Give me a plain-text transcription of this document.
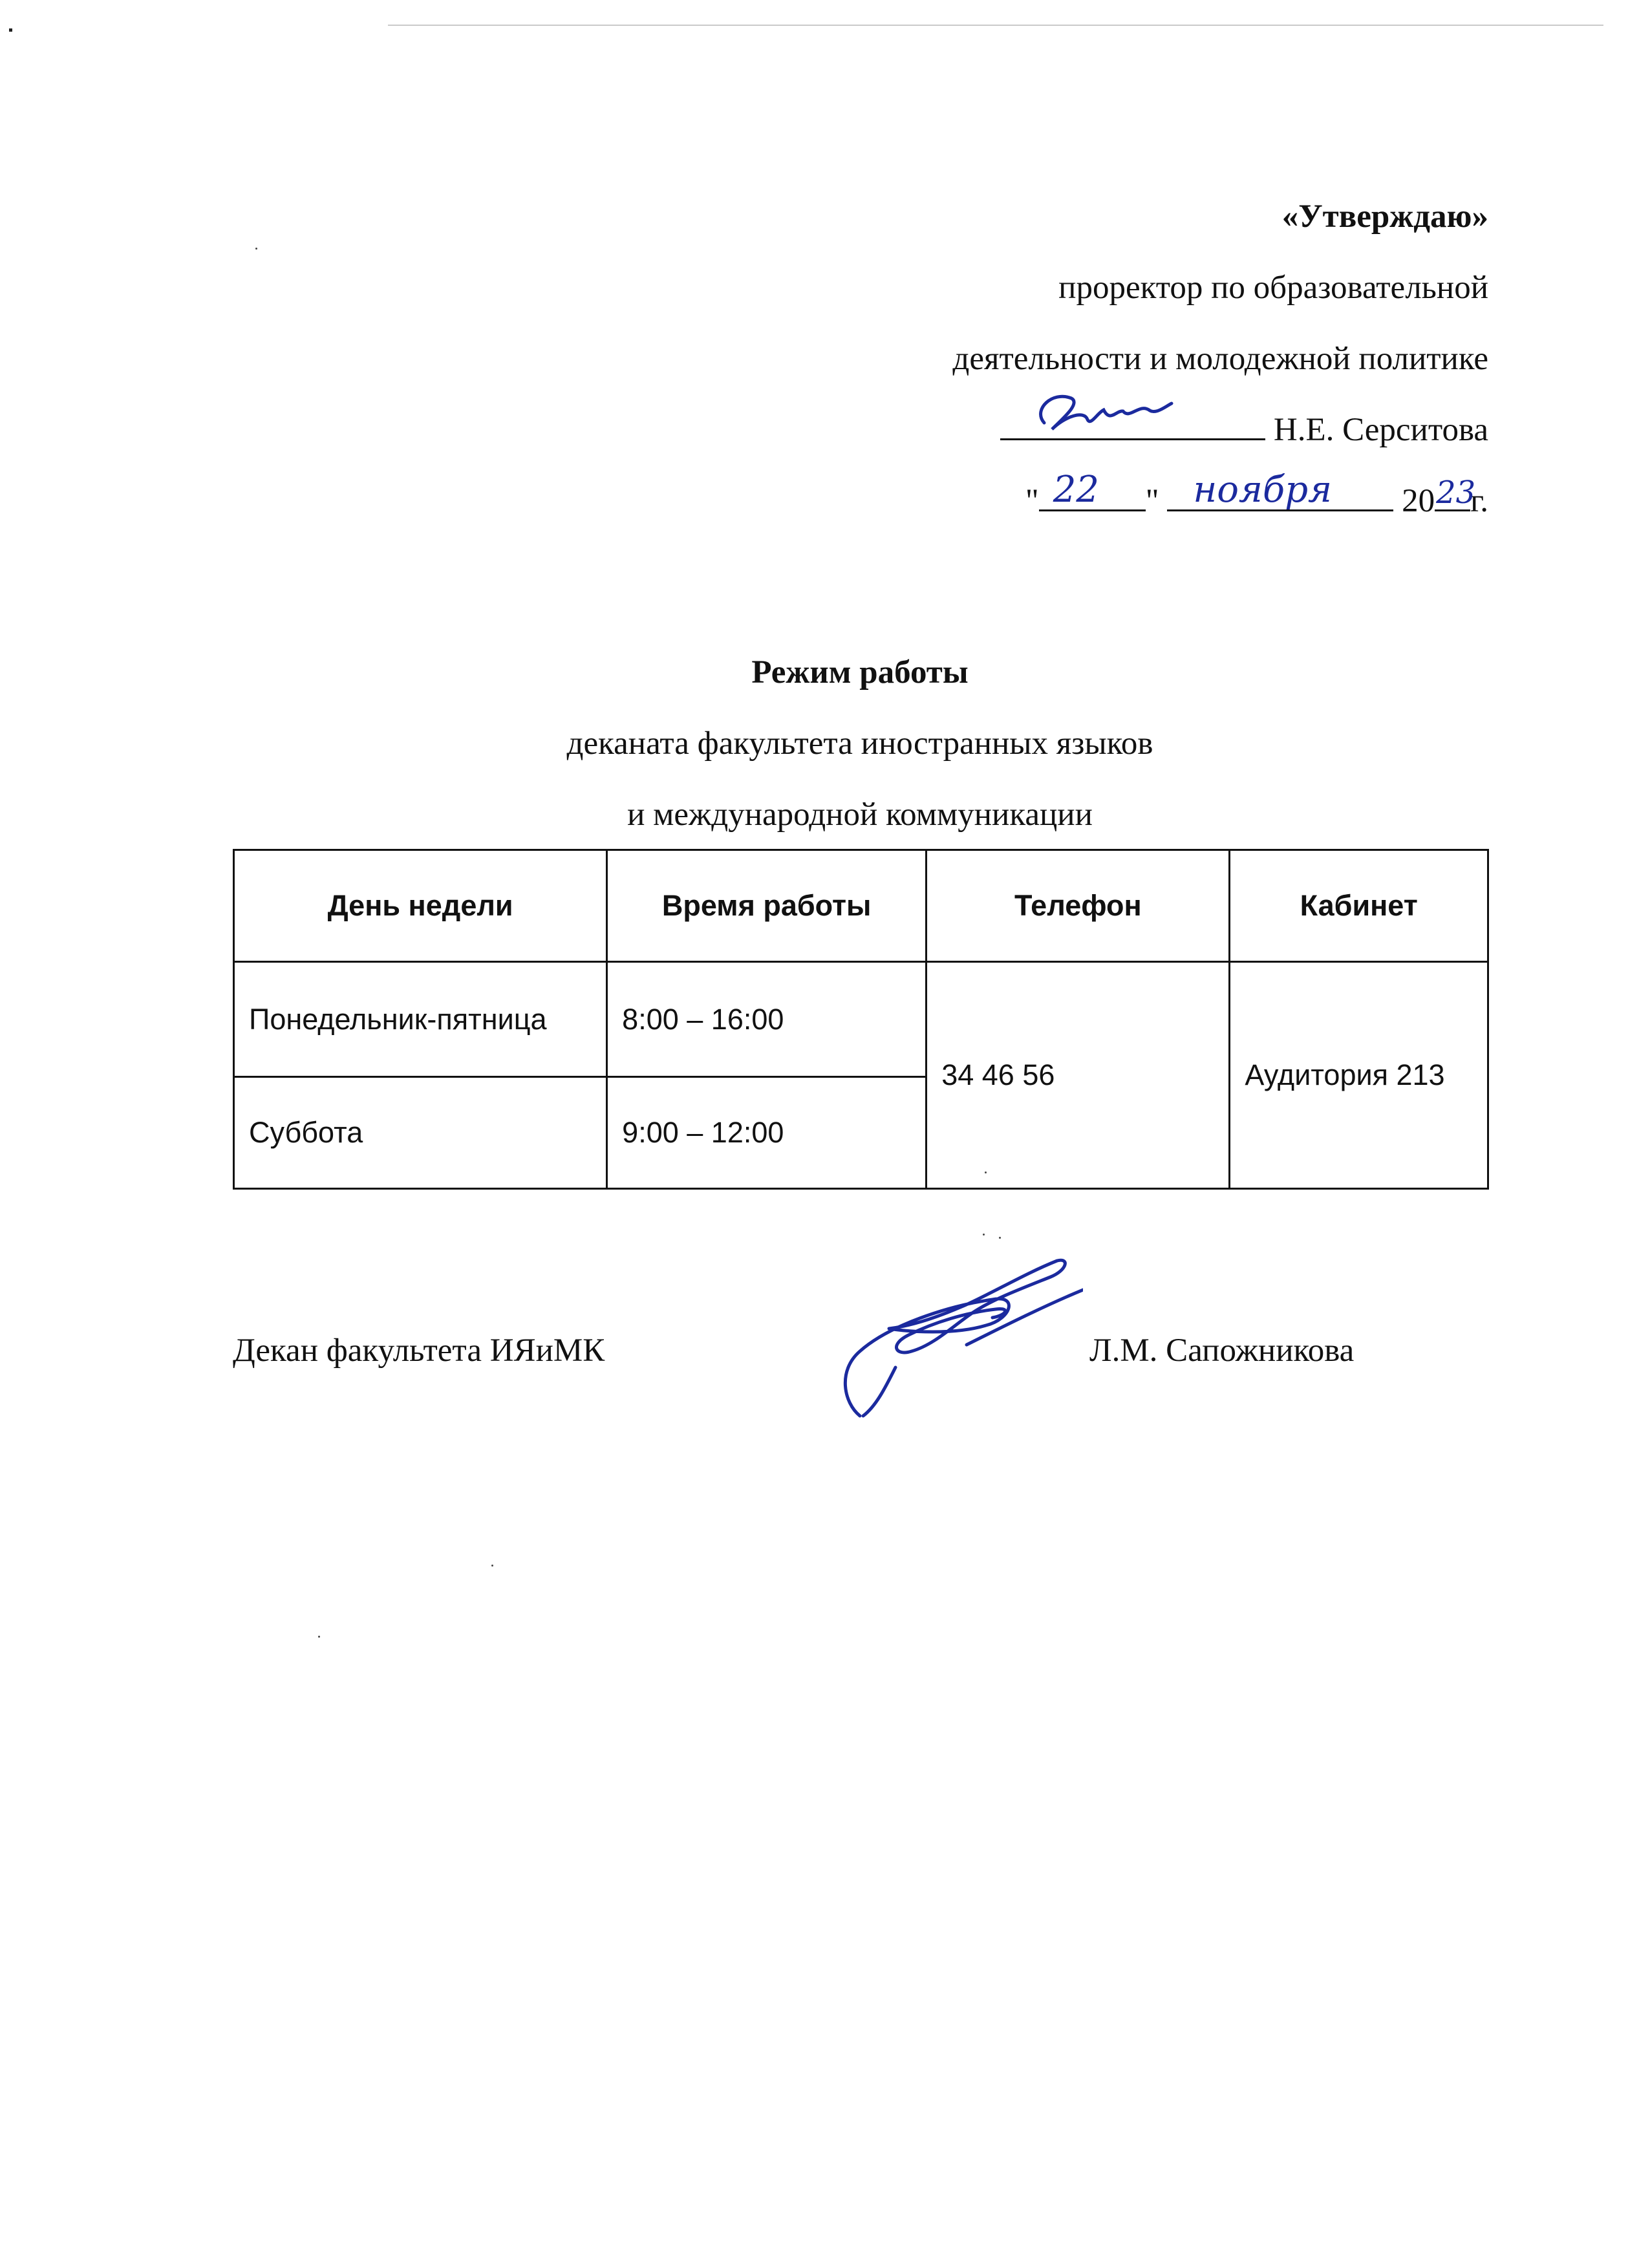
«Утверждаю»
проректор по образовательной
деятельности и молодежной политике
Н.Е. Серситова
" 22 " ноября 20 23
г.
Режим работы
деканата факультета иностранных языков
и международной коммуникации
День недели	Время работы	Телефон	Кабинет
Понедельник-пятница	8:00 – 16:00	34 46 56	Аудитория 213
Суббота	9:00 – 12:00		
Декан факультета ИЯиМК	Л.М. Сапожникова
